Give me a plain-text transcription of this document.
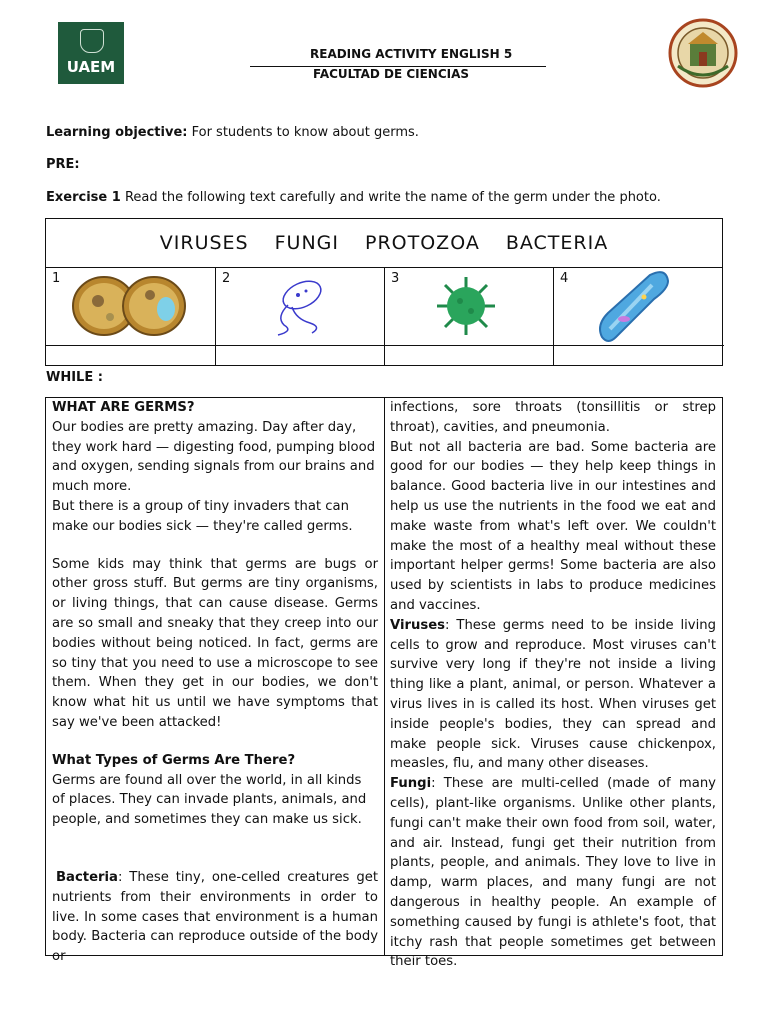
UAEM
READING ACTIVITY ENGLISH 5
FACULTAD DE CIENCIAS
Learning objective: For students to know about germs.
PRE:
Exercise 1 Read the following text carefully and write the name of the germ under the photo.
VIRUSES FUNGI PROTOZOA BACTERIA
1	2	3	4
WHILE :

WHAT ARE GERMS?

Our bodies are pretty amazing. Day after day, they work hard — digesting food, pumping blood and oxygen, sending signals from our brains and much more.

But there is a group of tiny invaders that can make our bodies sick — they're called germs.

Some kids may think that germs are bugs or other gross stuff. But germs are tiny organisms, or living things, that can cause disease. Germs are so small and sneaky that they creep into our bodies without being noticed. In fact, germs are so tiny that you need to use a microscope to see them. When they get in our bodies, we don't know what hit us until we have symptoms that say we've been attacked!

What Types of Germs Are There?

Germs are found all over the world, in all kinds of places. They can invade plants, animals, and people, and sometimes they can make us sick.

Bacteria: These tiny, one-celled creatures get nutrients from their environments in order to live. In some cases that environment is a human body. Bacteria can reproduce outside of the body or

infections, sore throats (tonsillitis or strep throat), cavities, and pneumonia.

But not all bacteria are bad. Some bacteria are good for our bodies — they help keep things in balance. Good bacteria live in our intestines and help us use the nutrients in the food we eat and make waste from what's left over. We couldn't make the most of a healthy meal without these important helper germs! Some bacteria are also used by scientists in labs to produce medicines and vaccines.

Viruses: These germs need to be inside living cells to grow and reproduce. Most viruses can't survive very long if they're not inside a living thing like a plant, animal, or person. Whatever a virus lives in is called its host. When viruses get inside people's bodies, they can spread and make people sick. Viruses cause chickenpox, measles, flu, and many other diseases.

Fungi: These are multi-celled (made of many cells), plant-like organisms. Unlike other plants, fungi can't make their own food from soil, water, and air. Instead, fungi get their nutrition from plants, people, and animals. They love to live in damp, warm places, and many fungi are not dangerous in healthy people. An example of something caused by fungi is athlete's foot, that itchy rash that people sometimes get between their toes.
